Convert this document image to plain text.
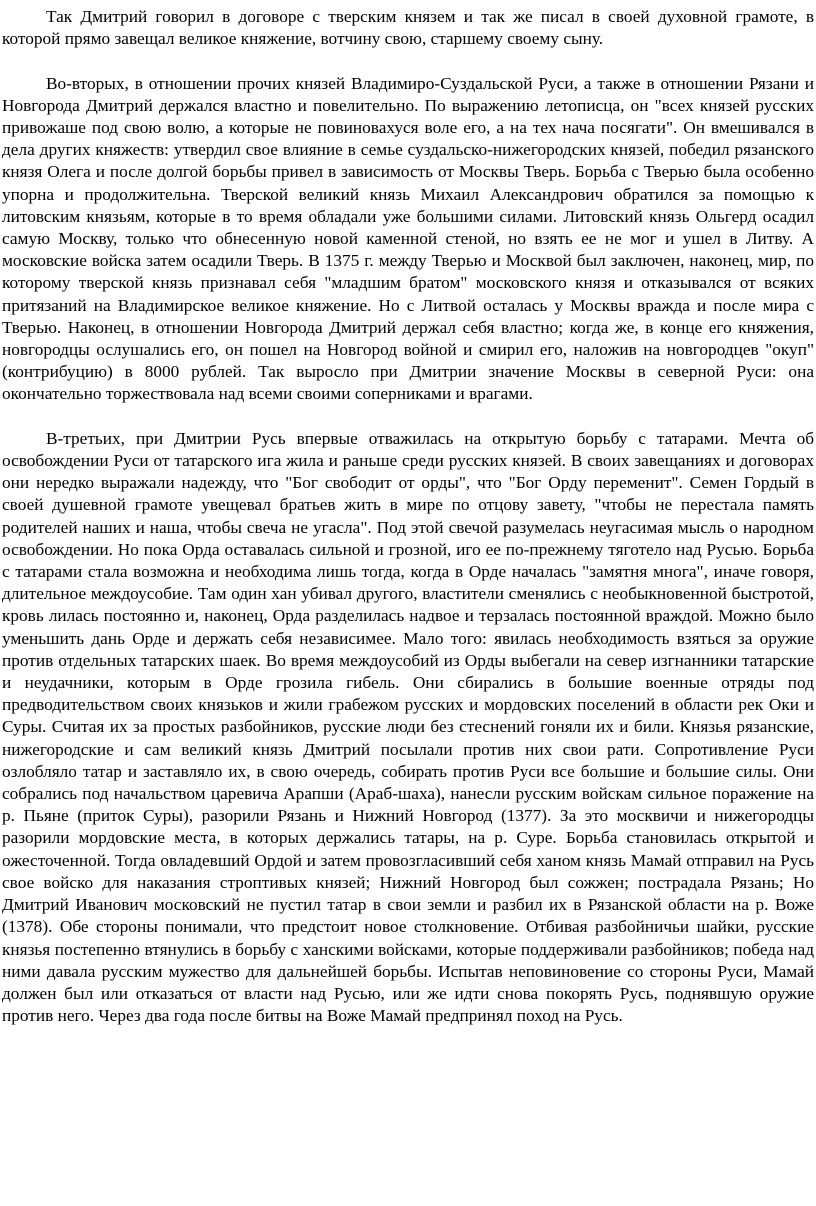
Так Дмитрий говорил в договоре с тверским князем и так же писал в своей духовной грамоте, в которой прямо завещал великое княжение, вотчину свою, старшему своему сыну.

Во-вторых, в отношении прочих князей Владимиро-Суздальской Руси, а также в отношении Рязани и Новгорода Дмитрий держался властно и повелительно. По выражению летописца, он "всех князей русских привожаше под свою волю, а которые не повиновахуся воле его, а на тех нача посягати". Он вмешивался в дела других княжеств: утвердил свое влияние в семье суздальско-нижегородских князей, победил рязанского князя Олега и после долгой борьбы привел в зависимость от Москвы Тверь. Борьба с Тверью была особенно упорна и продолжительна. Тверской великий князь Михаил Александрович обратился за помощью к литовским князьям, которые в то время обладали уже большими силами. Литовский князь Ольгерд осадил самую Москву, только что обнесенную новой каменной стеной, но взять ее не мог и ушел в Литву. А московские войска затем осадили Тверь. В 1375 г. между Тверью и Москвой был заключен, наконец, мир, по которому тверской князь признавал себя "младшим братом" московского князя и отказывался от всяких притязаний на Владимирское великое княжение. Но с Литвой осталась у Москвы вражда и после мира с Тверью. Наконец, в отношении Новгорода Дмитрий держал себя властно; когда же, в конце его княжения, новгородцы ослушались его, он пошел на Новгород войной и смирил его, наложив на новгородцев "окуп" (контрибуцию) в 8000 рублей. Так выросло при Дмитрии значение Москвы в северной Руси: она окончательно торжествовала над всеми своими соперниками и врагами.

В-третьих, при Дмитрии Русь впервые отважилась на открытую борьбу с татарами. Мечта об освобождении Руси от татарского ига жила и раньше среди русских князей. В своих завещаниях и договорах они нередко выражали надежду, что "Бог свободит от орды", что "Бог Орду переменит". Семен Гордый в своей душевной грамоте увещевал братьев жить в мире по отцову завету, "чтобы не перестала память родителей наших и наша, чтобы свеча не угасла". Под этой свечой разумелась неугасимая мысль о народном освобождении. Но пока Орда оставалась сильной и грозной, иго ее по-прежнему тяготело над Русью. Борьба с татарами стала возможна и необходима лишь тогда, когда в Орде началась "замятня многа", иначе говоря, длительное междоусобие. Там один хан убивал другого, властители сменялись с необыкновенной быстротой, кровь лилась постоянно и, наконец, Орда разделилась надвое и терзалась постоянной враждой. Можно было уменьшить дань Орде и держать себя независимее. Мало того: явилась необходимость взяться за оружие против отдельных татарских шаек. Во время междоусобий из Орды выбегали на север изгнанники татарские и неудачники, которым в Орде грозила гибель. Они сбирались в большие военные отряды под предводительством своих князьков и жили грабежом русских и мордовских поселений в области рек Оки и Суры. Считая их за простых разбойников, русские люди без стеснений гоняли их и били. Князья рязанские, нижегородские и сам великий князь Дмитрий посылали против них свои рати. Сопротивление Руси озлобляло татар и заставляло их, в свою очередь, собирать против Руси все большие и большие силы. Они собрались под начальством царевича Арапши (Араб-шаха), нанесли русским войскам сильное поражение на р. Пьяне (приток Суры), разорили Рязань и Нижний Новгород (1377). За это москвичи и нижегородцы разорили мордовские места, в которых держались татары, на р. Суре. Борьба становилась открытой и ожесточенной. Тогда овладевший Ордой и затем провозгласивший себя ханом князь Мамай отправил на Русь свое войско для наказания строптивых князей; Нижний Новгород был сожжен; пострадала Рязань; Но Дмитрий Иванович московский не пустил татар в свои земли и разбил их в Рязанской области на р. Воже (1378). Обе стороны понимали, что предстоит новое столкновение. Отбивая разбойничьи шайки, русские князья постепенно втянулись в борьбу с ханскими войсками, которые поддерживали разбойников; победа над ними давала русским мужество для дальнейшей борьбы. Испытав неповиновение со стороны Руси, Мамай должен был или отказаться от власти над Русью, или же идти снова покорять Русь, поднявшую оружие против него. Через два года после битвы на Воже Мамай предпринял поход на Русь.
